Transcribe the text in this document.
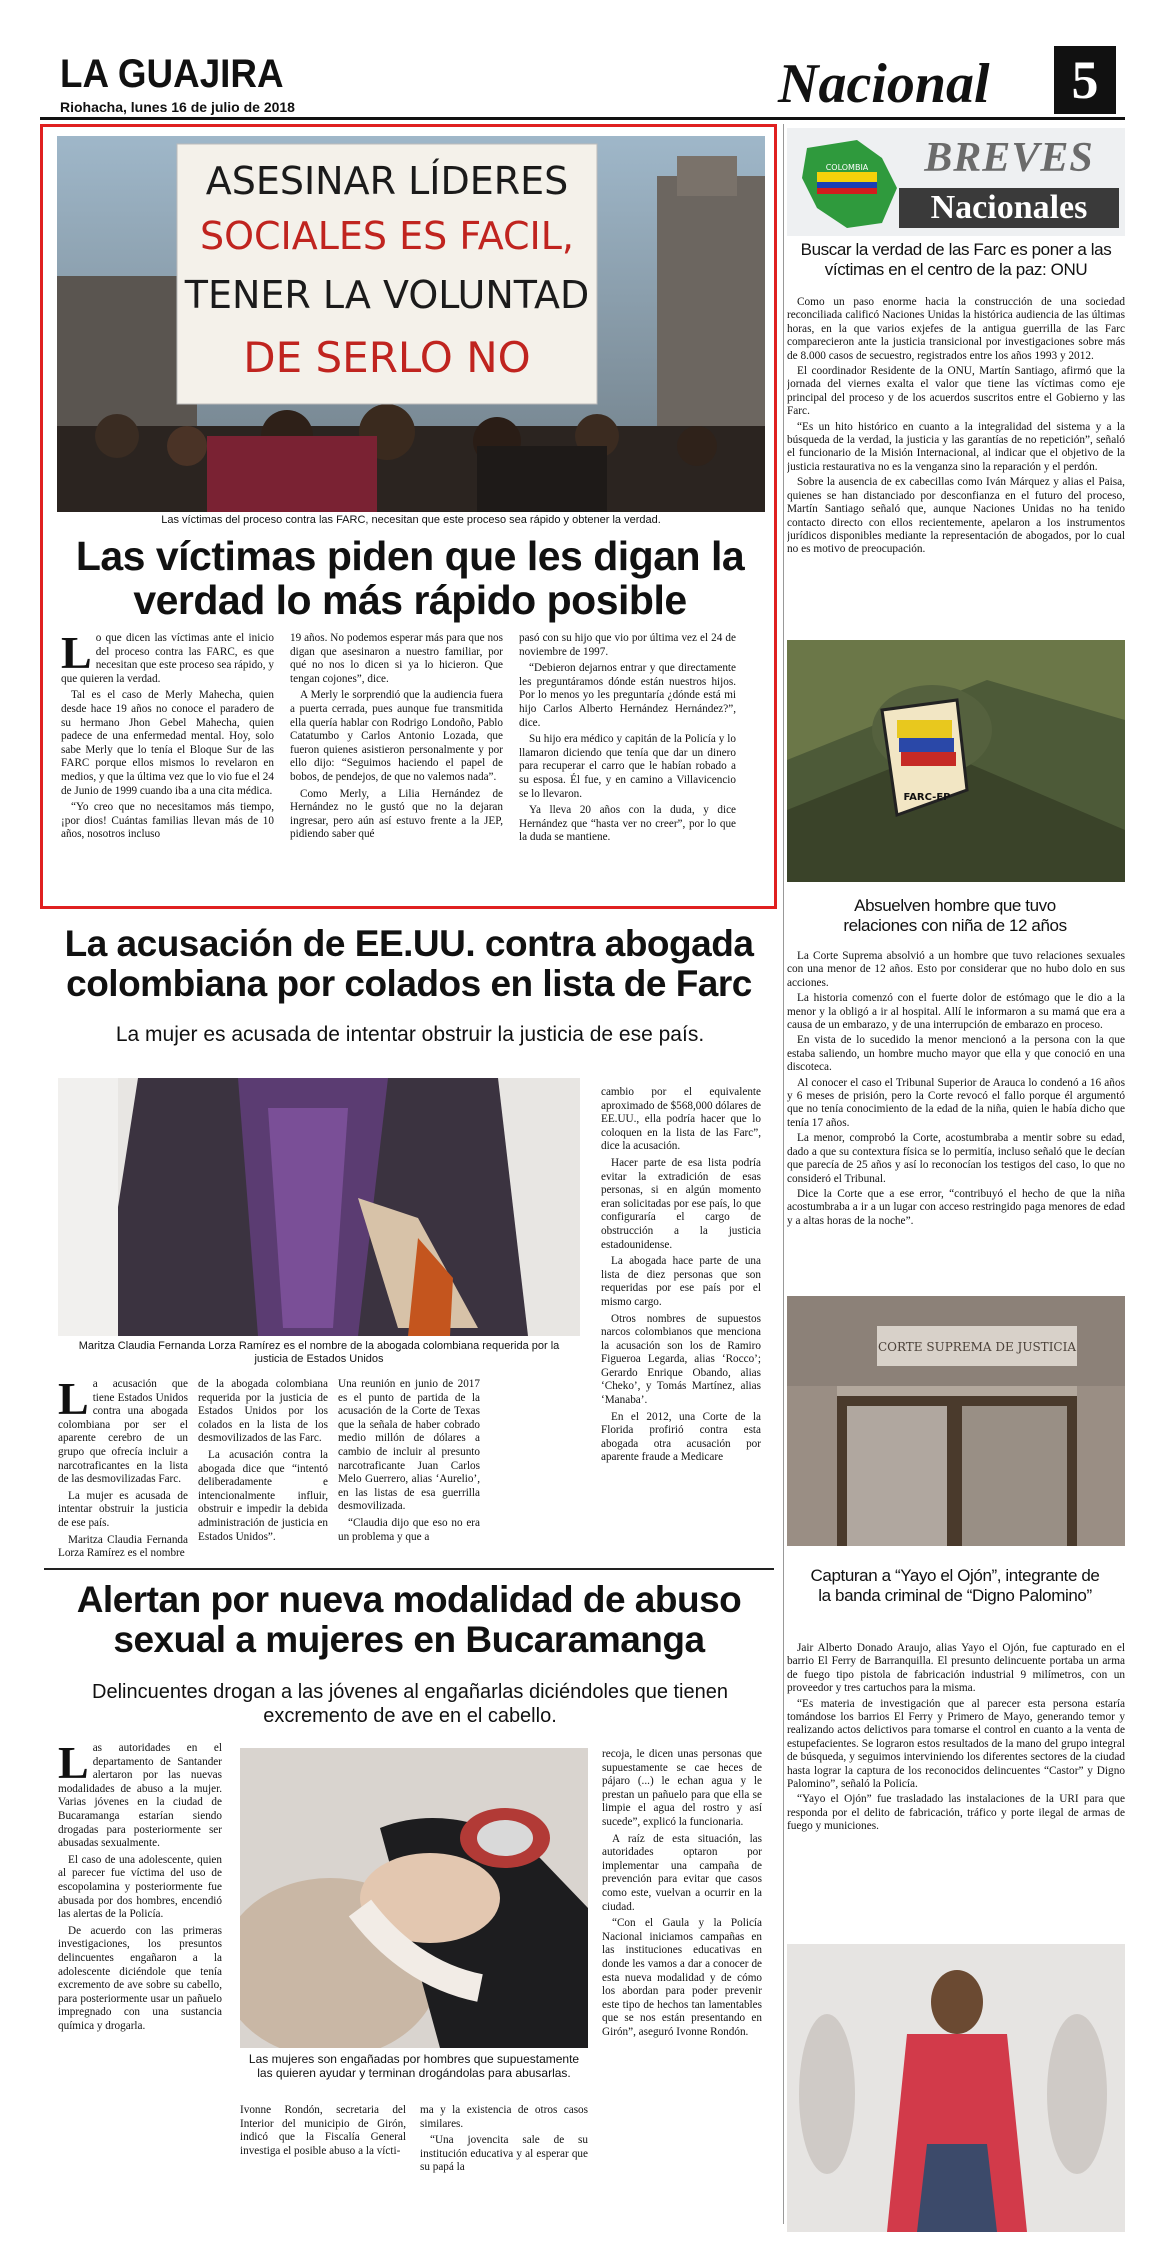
LA GUAJIRA
Riohacha, lunes 16 de julio de 2018	Nacional	5
ASESINAR LÍDERES
SOCIALES ES FACIL,
TENER LA VOLUNTAD
DE SERLO NO
Las víctimas del proceso contra las FARC, necesitan que este proceso sea rápido y obtener la verdad.
Las víctimas piden que les digan la verdad lo más rápido posible
L o que dicen las víctimas ante el inicio del proceso contra las FARC, es que necesitan que este proceso sea rápido, y que quieren la verdad.

Tal es el caso de Merly Mahecha, quien desde hace 19 años no conoce el paradero de su hermano Jhon Gebel Mahecha, quien padece de una enfermedad mental. Hoy, solo sabe Merly que lo tenía el Bloque Sur de las FARC porque ellos mismos lo revelaron en medios, y que la última vez que lo vio fue el 24 de Junio de 1999 cuando iba a una cita médica.

“Yo creo que no necesitamos más tiempo, ¡por dios! Cuántas familias llevan más de 10 años, nosotros incluso

19 años. No podemos esperar más para que nos digan que asesinaron a nuestro familiar, por qué no nos lo dicen si ya lo hicieron. Que tengan cojones”, dice.

A Merly le sorprendió que la audiencia fuera a puerta cerrada, pues aunque fue transmitida ella quería hablar con Rodrigo Londoño, Pablo Catatumbo y Carlos Antonio Lozada, que fueron quienes asistieron personalmente y por ello dijo: “Seguimos haciendo el papel de bobos, de pendejos, de que no valemos nada”.

Como Merly, a Lilia Hernández de Hernández no le gustó que no la dejaran ingresar, pero aún así estuvo frente a la JEP, pidiendo saber qué

pasó con su hijo que vio por última vez el 24 de noviembre de 1997.

“Debieron dejarnos entrar y que directamente les preguntáramos dónde están nuestros hijos. Por lo menos yo les preguntaría ¿dónde está mi hijo Carlos Alberto Hernández Hernández?”, dice.

Su hijo era médico y capitán de la Policía y lo llamaron diciendo que tenía que dar un dinero para recuperar el carro que le habían robado a su esposa. Él fue, y en camino a Villavicencio se lo llevaron.

Ya lleva 20 años con la duda, y dice Hernández que “hasta ver no creer”, por lo que la duda se mantiene.

La acusación de EE.UU. contra abogada colombiana por colados en lista de Farc
La mujer es acusada de intentar obstruir la justicia de ese país.
Maritza Claudia Fernanda Lorza Ramírez es el nombre de la abogada colombiana requerida por la justicia de Estados Unidos
L a acusación que tiene Estados Unidos contra una abogada colombiana por ser el aparente cerebro de un grupo que ofrecía incluir a narcotraficantes en la lista de las desmovilizadas Farc.

La mujer es acusada de intentar obstruir la justicia de ese país.

Maritza Claudia Fernanda Lorza Ramírez es el nombre

de la abogada colombiana requerida por la justicia de Estados Unidos por los colados en la lista de los desmovilizados de las Farc.

La acusación contra la abogada dice que “intentó deliberadamente e intencionalmente influir, obstruir e impedir la debida administración de justicia en Estados Unidos”.

Una reunión en junio de 2017 es el punto de partida de la acusación de la Corte de Texas que la señala de haber cobrado medio millón de dólares a cambio de incluir al presunto narcotraficante Juan Carlos Melo Guerrero, alias ‘Aurelio’, en las listas de esa guerrilla desmovilizada.

“Claudia dijo que eso no era un problema y que a

cambio por el equivalente aproximado de $568,000 dólares de EE.UU., ella podría hacer que lo coloquen en la lista de las Farc”, dice la acusación.

Hacer parte de esa lista podría evitar la extradición de esas personas, si en algún momento eran solicitadas por ese país, lo que configuraría el cargo de obstrucción a la justicia estadounidense.

La abogada hace parte de una lista de diez personas que son requeridas por ese país por el mismo cargo.

Otros nombres de supuestos narcos colombianos que menciona la acusación son los de Ramiro Figueroa Legarda, alias ‘Rocco’; Gerardo Enrique Obando, alias ‘Cheko’, y Tomás Martínez, alias ‘Manaba’.

En el 2012, una Corte de la Florida profirió contra esta abogada otra acusación por aparente fraude a Medicare

Alertan por nueva modalidad de abuso sexual a mujeres en Bucaramanga
Delincuentes drogan a las jóvenes al engañarlas diciéndoles que tienen excremento de ave en el cabello.
L as autoridades en el departamento de Santander alertaron por las nuevas modalidades de abuso a la mujer. Varias jóvenes en la ciudad de Bucaramanga estarían siendo drogadas para posteriormente ser abusadas sexualmente.

El caso de una adolescente, quien al parecer fue víctima del uso de escopolamina y posteriormente fue abusada por dos hombres, encendió las alertas de la Policía.

De acuerdo con las primeras investigaciones, los presuntos delincuentes engañaron a la adolescente diciéndole que tenía excremento de ave sobre su cabello, para posteriormente usar un pañuelo impregnado con una sustancia química y drogarla.

Las mujeres son engañadas por hombres que supuestamente las quieren ayudar y terminan drogándolas para abusarlas.

Ivonne Rondón, secretaria del Interior del municipio de Girón, indicó que la Fiscalía General investiga el posible abuso a la vícti-

ma y la existencia de otros casos similares.

“Una jovencita sale de su institución educativa y al esperar que su papá la

recoja, le dicen unas personas que supuestamente se cae heces de pájaro (...) le echan agua y le prestan un pañuelo para que ella se limpie el agua del rostro y así sucede”, explicó la funcionaria.

A raíz de esta situación, las autoridades optaron por implementar una campaña de prevención para evitar que casos como este, vuelvan a ocurrir en la ciudad.

“Con el Gaula y la Policía Nacional iniciamos campañas en las instituciones educativas en donde les vamos a dar a conocer de esta nueva modalidad y de cómo los abordan para poder prevenir este tipo de hechos tan lamentables que se nos están presentando en Girón”, aseguró Ivonne Rondón.

COLOMBIA	BREVES
Nacionales
Buscar la verdad de las Farc es poner a las víctimas en el centro de la paz: ONU

Como un paso enorme hacia la construcción de una sociedad reconciliada calificó Naciones Unidas la histórica audiencia de las últimas horas, en la que varios exjefes de la antigua guerrilla de las Farc comparecieron ante la justicia transicional por investigaciones sobre más de 8.000 casos de secuestro, registrados entre los años 1993 y 2012.

El coordinador Residente de la ONU, Martín Santiago, afirmó que la jornada del viernes exalta el valor que tiene las víctimas como eje principal del proceso y de los acuerdos suscritos entre el Gobierno y las Farc.

“Es un hito histórico en cuanto a la integralidad del sistema y a la búsqueda de la verdad, la justicia y las garantías de no repetición”, señaló el funcionario de la Misión Internacional, al indicar que el objetivo de la justicia restaurativa no es la venganza sino la reparación y el perdón.

Sobre la ausencia de ex cabecillas como Iván Márquez y alias el Paisa, quienes se han distanciado por desconfianza en el futuro del proceso, Martín Santiago señaló que, aunque Naciones Unidas no ha tenido contacto directo con ellos recientemente, apelaron a los instrumentos jurídicos disponibles mediante la representación de abogados, por lo cual no es motivo de preocupación.

FARC-EP
Absuelven hombre que tuvo relaciones con niña de 12 años

La Corte Suprema absolvió a un hombre que tuvo relaciones sexuales con una menor de 12 años. Esto por considerar que no hubo dolo en sus acciones.

La historia comenzó con el fuerte dolor de estómago que le dio a la menor y la obligó a ir al hospital. Allí le informaron a su mamá que era a causa de un embarazo, y de una interrupción de embarazo en proceso.

En vista de lo sucedido la menor mencionó a la persona con la que estaba saliendo, un hombre mucho mayor que ella y que conoció en una discoteca.

Al conocer el caso el Tribunal Superior de Arauca lo condenó a 16 años y 6 meses de prisión, pero la Corte revocó el fallo porque él argumentó que no tenía conocimiento de la edad de la niña, quien le había dicho que tenía 17 años.

La menor, comprobó la Corte, acostumbraba a mentir sobre su edad, dado a que su contextura física se lo permitía, incluso señaló que le decían que parecía de 25 años y así lo reconocían los testigos del caso, lo que no consideró el Tribunal.

Dice la Corte que a ese error, “contribuyó el hecho de que la niña acostumbraba a ir a un lugar con acceso restringido paga menores de edad y a altas horas de la noche”.

CORTE SUPREMA DE JUSTICIA
Capturan a “Yayo el Ojón”, integrante de la banda criminal de “Digno Palomino”

Jair Alberto Donado Araujo, alias Yayo el Ojón, fue capturado en el barrio El Ferry de Barranquilla. El presunto delincuente portaba un arma de fuego tipo pistola de fabricación industrial 9 milímetros, con un proveedor y tres cartuchos para la misma.

“Es materia de investigación que al parecer esta persona estaría tomándose los barrios El Ferry y Primero de Mayo, generando temor y realizando actos delictivos para tomarse el control en cuanto a la venta de estupefacientes. Se lograron estos resultados de la mano del grupo integral de búsqueda, y seguimos interviniendo los diferentes sectores de la ciudad hasta lograr la captura de los reconocidos delincuentes “Castor” y Digno Palomino”, señaló la Policía.

“Yayo el Ojón” fue trasladado las instalaciones de la URI para que responda por el delito de fabricación, tráfico y porte ilegal de armas de fuego y municiones.
